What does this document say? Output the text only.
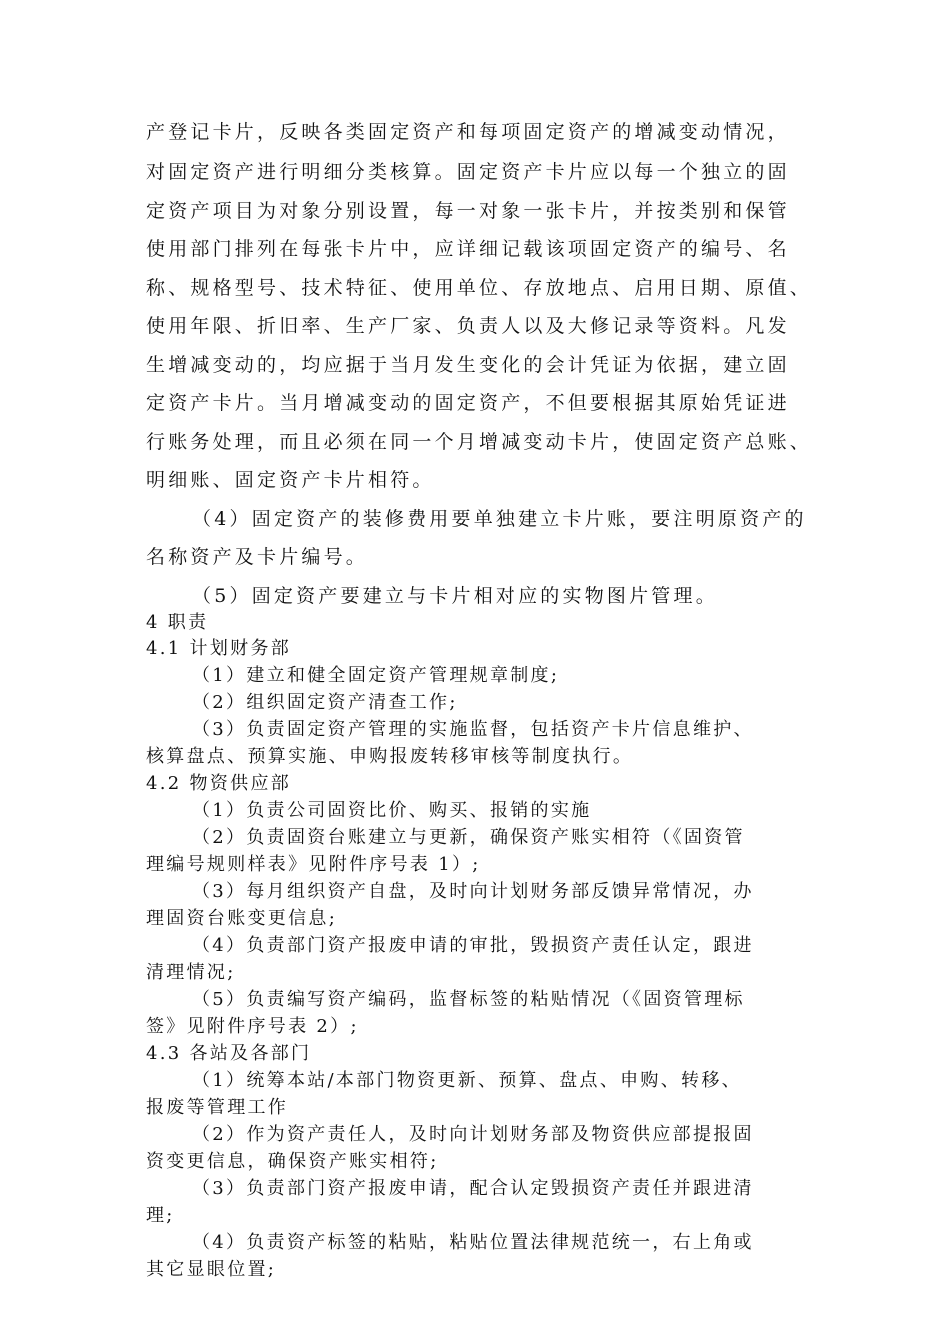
产登记卡片，反映各类固定资产和每项固定资产的增减变动情况，
对固定资产进行明细分类核算。固定资产卡片应以每一个独立的固
定资产项目为对象分别设置，每一对象一张卡片，并按类别和保管
使用部门排列在每张卡片中，应详细记载该项固定资产的编号、名
称、规格型号、技术特征、使用单位、存放地点、启用日期、原值、
使用年限、折旧率、生产厂家、负责人以及大修记录等资料。凡发
生增减变动的，均应据于当月发生变化的会计凭证为依据，建立固
定资产卡片。当月增减变动的固定资产，不但要根据其原始凭证进
行账务处理，而且必须在同一个月增减变动卡片，使固定资产总账、
明细账、固定资产卡片相符。
（4）固定资产的装修费用要单独建立卡片账，要注明原资产的
名称资产及卡片编号。
（5）固定资产要建立与卡片相对应的实物图片管理。
4 职责
4.1 计划财务部
（1）建立和健全固定资产管理规章制度;
（2）组织固定资产清查工作;
（3）负责固定资产管理的实施监督，包括资产卡片信息维护、
核算盘点、预算实施、申购报废转移审核等制度执行。
4.2 物资供应部
（1）负责公司固资比价、购买、报销的实施
（2）负责固资台账建立与更新，确保资产账实相符（《固资管
理编号规则样表》见附件序号表 1）;
（3）每月组织资产自盘，及时向计划财务部反馈异常情况，办
理固资台账变更信息;
（4）负责部门资产报废申请的审批，毁损资产责任认定，跟进
清理情况;
（5）负责编写资产编码，监督标签的粘贴情况（《固资管理标
签》见附件序号表 2）;
4.3 各站及各部门
（1）统筹本站/本部门物资更新、预算、盘点、申购、转移、
报废等管理工作
（2）作为资产责任人，及时向计划财务部及物资供应部提报固
资变更信息，确保资产账实相符;
（3）负责部门资产报废申请，配合认定毁损资产责任并跟进清
理;
（4）负责资产标签的粘贴，粘贴位置法律规范统一，右上角或
其它显眼位置;
